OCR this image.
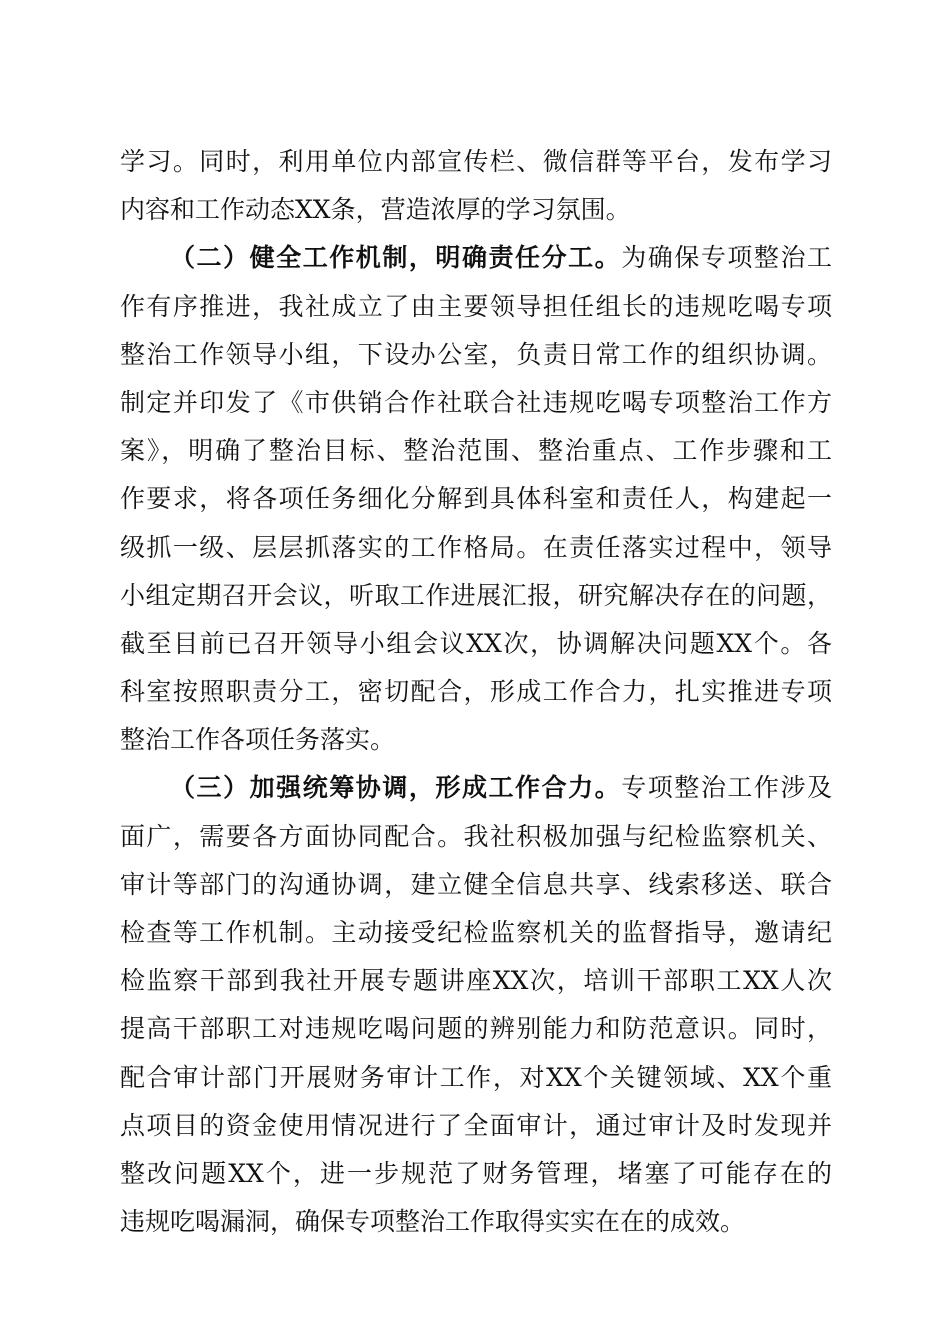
学习。同时，利用单位内部宣传栏、微信群等平台，发布学习
内容和工作动态XX条，营造浓厚的学习氛围。
（二）健全工作机制，明确责任分工。为确保专项整治工
作有序推进，我社成立了由主要领导担任组长的违规吃喝专项
整治工作领导小组，下设办公室，负责日常工作的组织协调。
制定并印发了《市供销合作社联合社违规吃喝专项整治工作方
案》，明确了整治目标、整治范围、整治重点、工作步骤和工
作要求，将各项任务细化分解到具体科室和责任人，构建起一
级抓一级、层层抓落实的工作格局。在责任落实过程中，领导
小组定期召开会议，听取工作进展汇报，研究解决存在的问题，
截至目前已召开领导小组会议XX次，协调解决问题XX个。各
科室按照职责分工，密切配合，形成工作合力，扎实推进专项
整治工作各项任务落实。
（三）加强统筹协调，形成工作合力。专项整治工作涉及
面广，需要各方面协同配合。我社积极加强与纪检监察机关、
审计等部门的沟通协调，建立健全信息共享、线索移送、联合
检查等工作机制。主动接受纪检监察机关的监督指导，邀请纪
检监察干部到我社开展专题讲座XX次，培训干部职工XX人次
提高干部职工对违规吃喝问题的辨别能力和防范意识。同时，
配合审计部门开展财务审计工作，对XX个关键领域、XX个重
点项目的资金使用情况进行了全面审计，通过审计及时发现并
整改问题XX个，进一步规范了财务管理，堵塞了可能存在的
违规吃喝漏洞，确保专项整治工作取得实实在在的成效。
